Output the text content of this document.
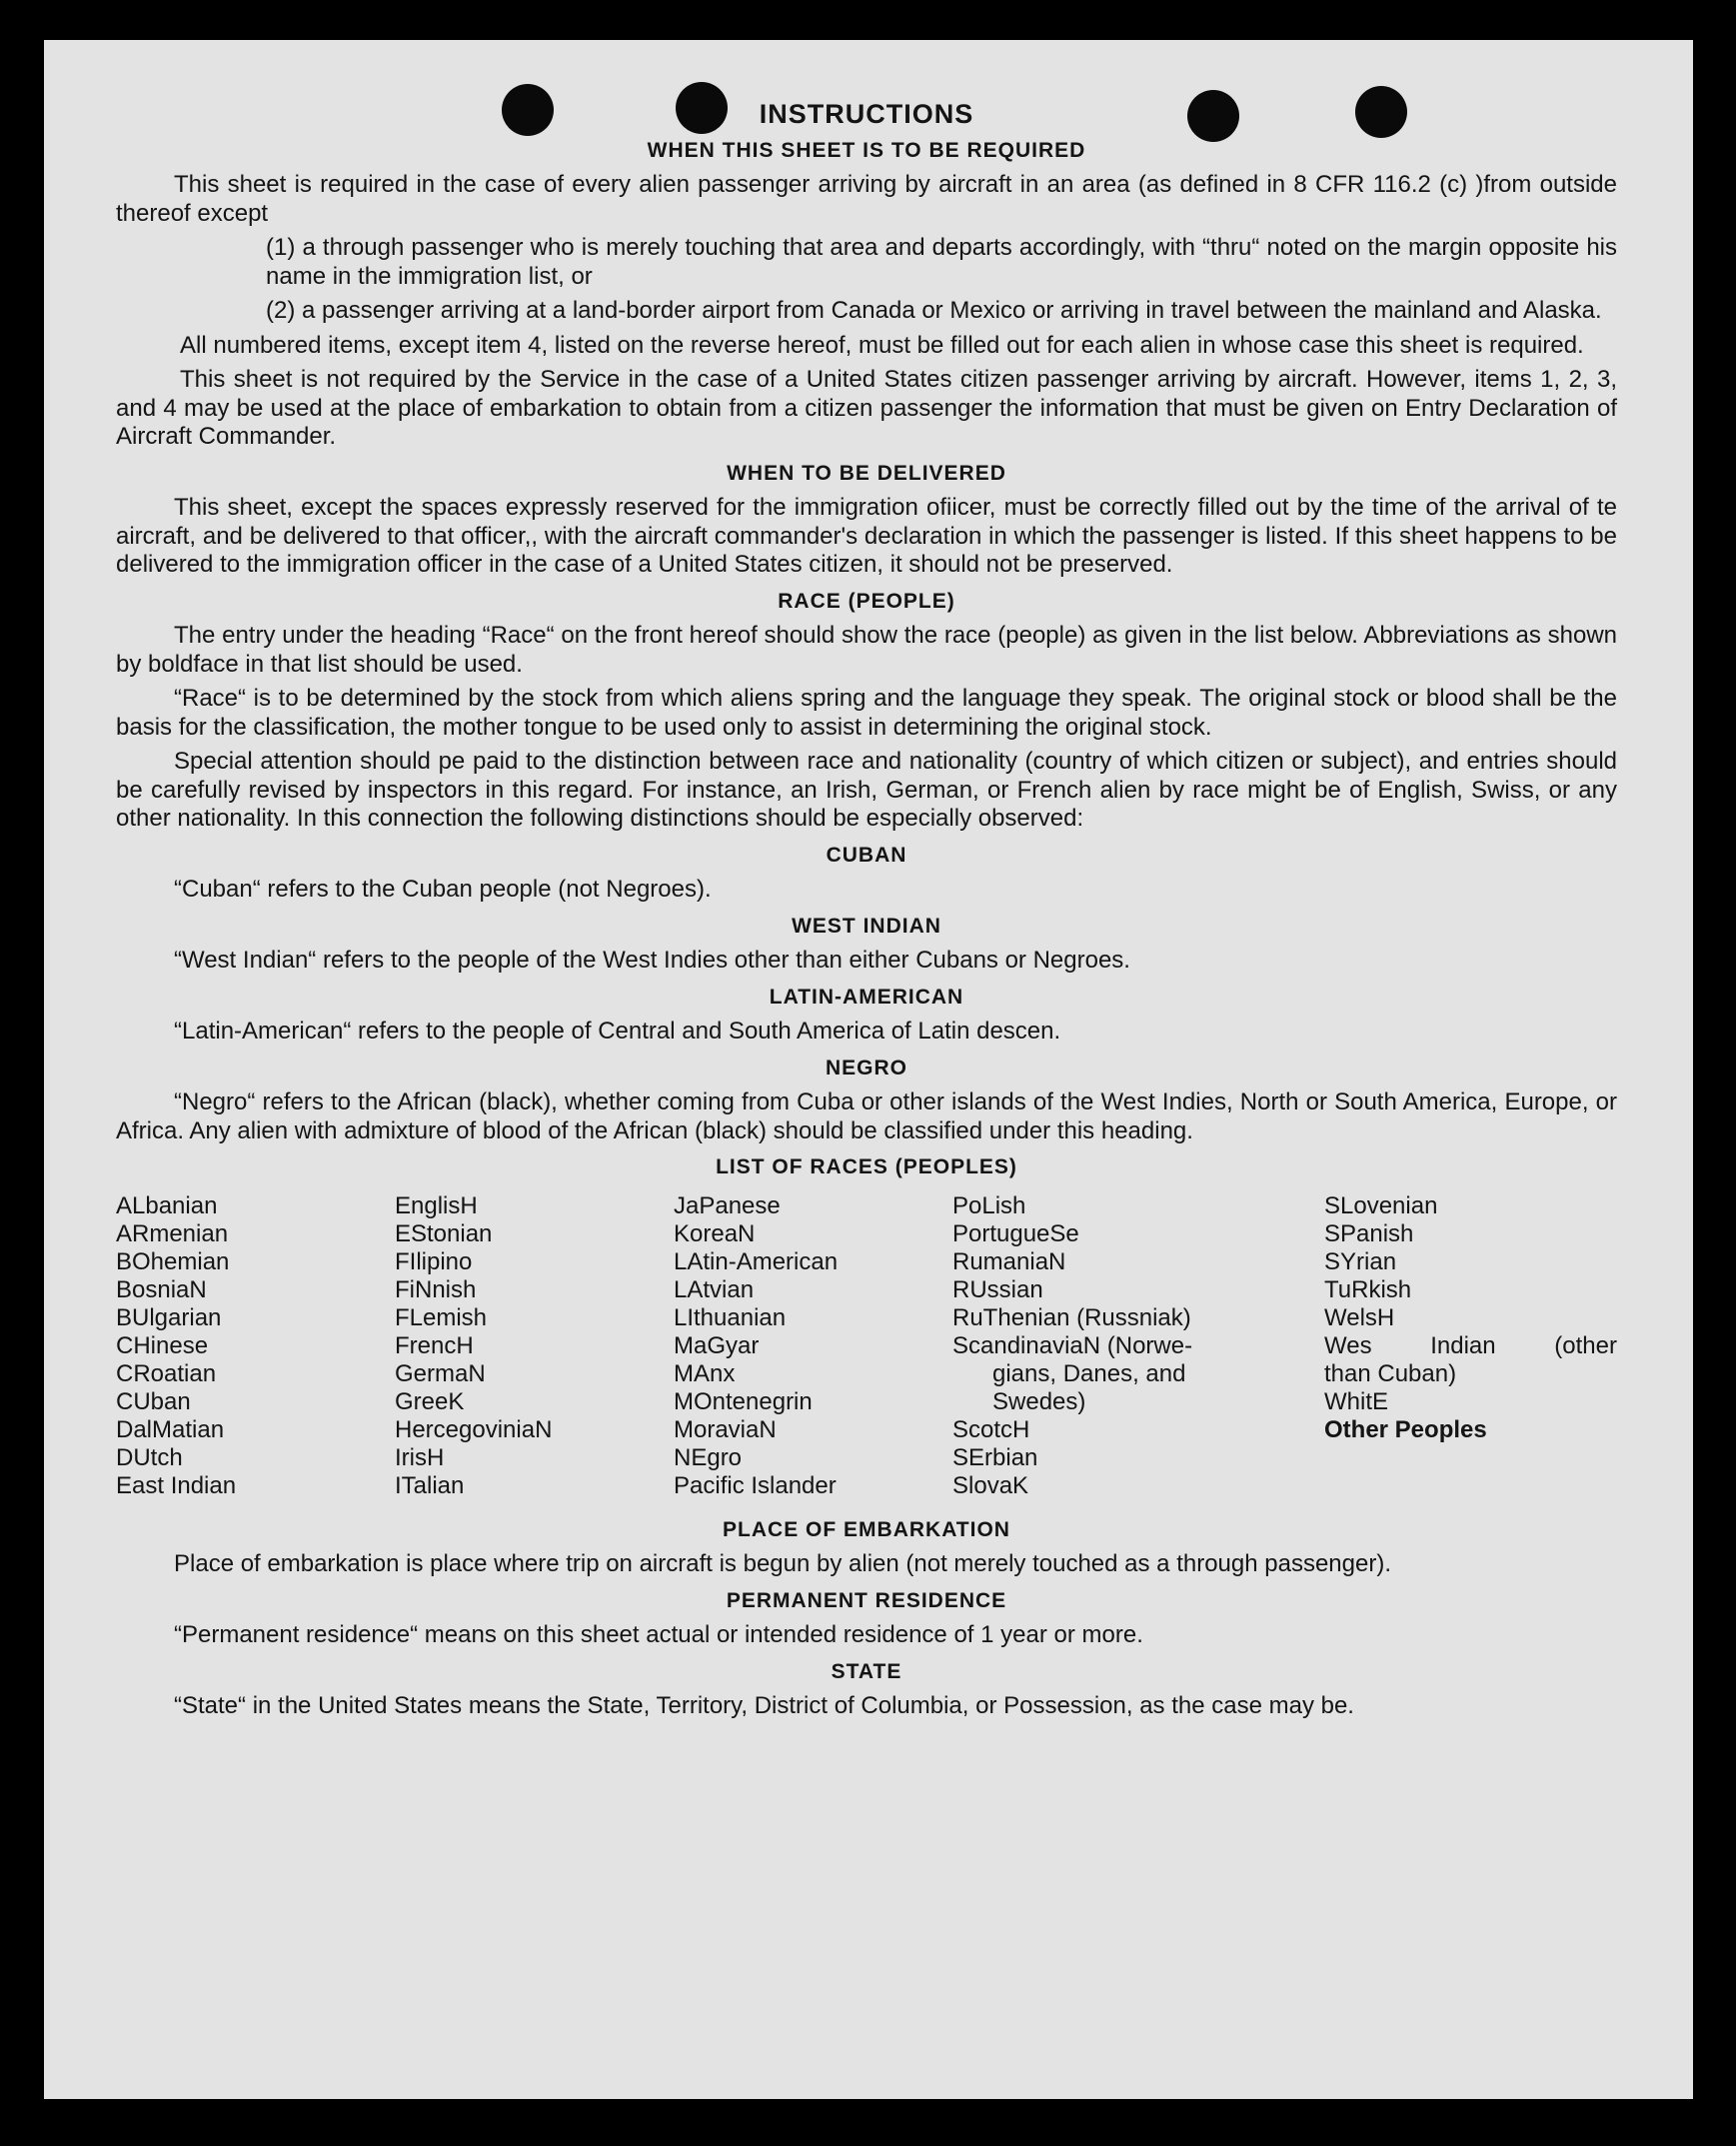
INSTRUCTIONS
WHEN THIS SHEET IS TO BE REQUIRED

This sheet is required in the case of every alien passenger arriving by aircraft in an area (as defined in 8 CFR 116.2 (c) )from outside thereof except

(1) a through passenger who is merely touching that area and departs accordingly, with “thru“ noted on the margin opposite his name in the immigration list, or

(2) a passenger arriving at a land-border airport from Canada or Mexico or arriving in travel between the mainland and Alaska.

All numbered items, except item 4, listed on the reverse hereof, must be filled out for each alien in whose case this sheet is required.

This sheet is not required by the Service in the case of a United States citizen passenger arriving by aircraft. However, items 1, 2, 3, and 4 may be used at the place of embarkation to obtain from a citizen passenger the information that must be given on Entry Declaration of Aircraft Commander.

WHEN TO BE DELIVERED

This sheet, except the spaces expressly reserved for the immigration ofiicer, must be correctly filled out by the time of the arrival of te aircraft, and be delivered to that officer,, with the aircraft commander's declaration in which the passenger is listed. If this sheet happens to be delivered to the immigration officer in the case of a United States citizen, it should not be preserved.

RACE (PEOPLE)

The entry under the heading “Race“ on the front hereof should show the race (people) as given in the list below. Abbreviations as shown by boldface in that list should be used.

“Race“ is to be determined by the stock from which aliens spring and the language they speak. The original stock or blood shall be the basis for the classification, the mother tongue to be used only to assist in determining the original stock.

Special attention should pe paid to the distinction between race and nationality (country of which citizen or subject), and entries should be carefully revised by inspectors in this regard. For instance, an Irish, German, or French alien by race might be of English, Swiss, or any other nationality. In this connection the following distinctions should be especially observed:

CUBAN

“Cuban“ refers to the Cuban people (not Negroes).

WEST INDIAN

“West Indian“ refers to the people of the West Indies other than either Cubans or Negroes.

LATIN-AMERICAN

“Latin-American“ refers to the people of Central and South America of Latin descen.

NEGRO

“Negro“ refers to the African (black), whether coming from Cuba or other islands of the West Indies, North or South America, Europe, or Africa. Any alien with admixture of blood of the African (black) should be classified under this heading.

LIST OF RACES (PEOPLES)
ALbanian
ARmenian
BOhemian
BosniaN
BUlgarian
CHinese
CRoatian
CUban
DalMatian
DUtch
East Indian
EnglisH
EStonian
FIlipino
FiNnish
FLemish
FrencH
GermaN
GreeK
HercegoviniaN
IrisH
ITalian
JaPanese
KoreaN
LAtin-American
LAtvian
LIthuanian
MaGyar
MAnx
MOntenegrin
MoraviaN
NEgro
Pacific Islander
PoLish
PortugueSe
RumaniaN
RUssian
RuThenian (Russniak)
ScandinaviaN (Norwe-
gians, Danes, and
Swedes)
ScotcH
SErbian
SlovaK
SLovenian
SPanish
SYrian
TuRkish
WelsH
Wes Indian (other
than Cuban)
WhitE
Other Peoples
PLACE OF EMBARKATION

Place of embarkation is place where trip on aircraft is begun by alien (not merely touched as a through passenger).

PERMANENT RESIDENCE

“Permanent residence“ means on this sheet actual or intended residence of 1 year or more.

STATE

“State“ in the United States means the State, Territory, District of Columbia, or Possession, as the case may be.
